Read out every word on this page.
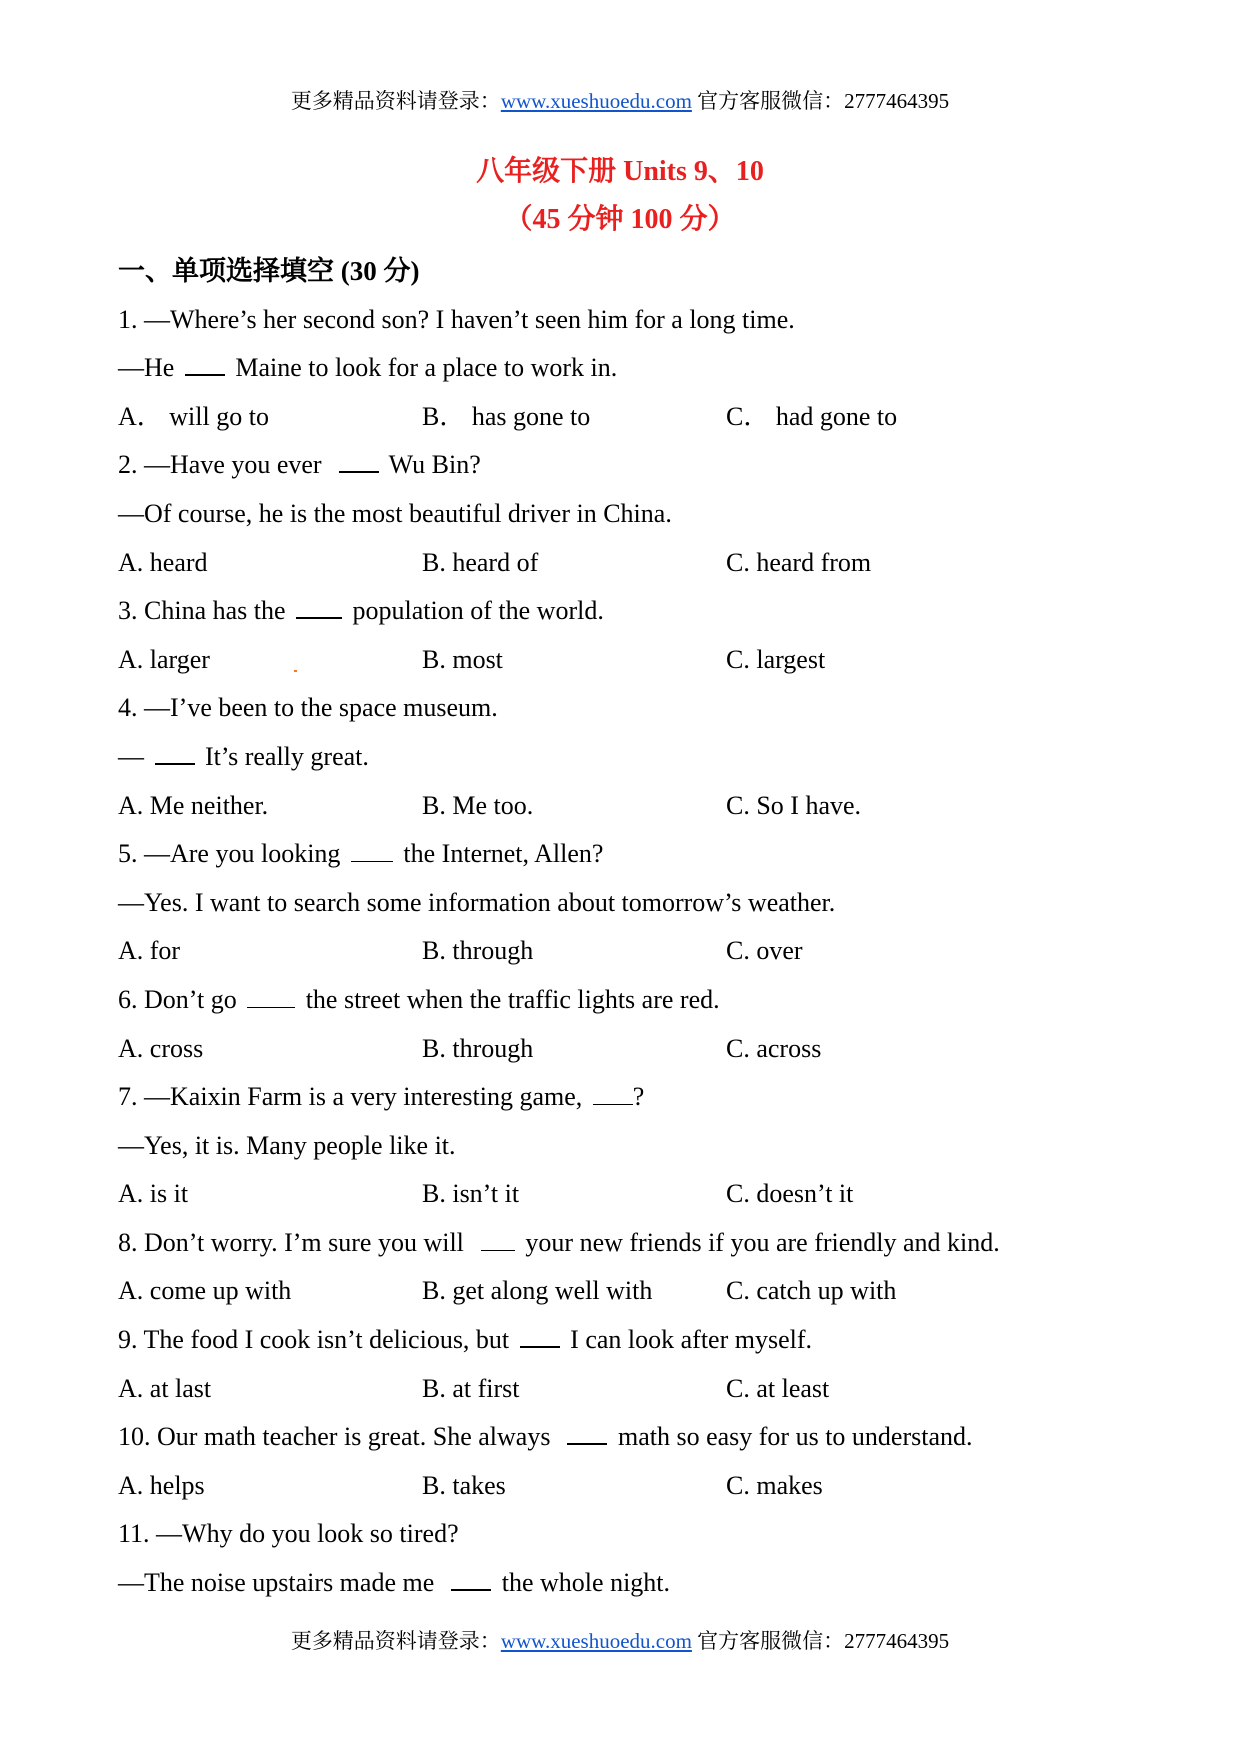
更多精品资料请登录：www.xueshuoedu.com 官方客服微信：2777464395
八年级下册 Units 9、10
（45 分钟 100 分）
一、单项选择填空 (30 分)
1. —Where’s her second son? I haven’t seen him for a long time.
—He Maine to look for a place to work in.
A． will go to	B． has gone to	C． had gone to
2. —Have you ever	Wu Bin?
—Of course, he is the most beautiful driver in China.
A. heard	B. heard of	C. heard from
3. China has the	population of the world.
A. larger	B. most	C. largest
4. —I’ve been to the space museum.
— It’s really great.
A. Me neither.	B. Me too.	C. So I have.
5. —Are you looking the Internet, Allen?
—Yes. I want to search some information about tomorrow’s weather.
A. for	B. through	C. over
6. Don’t go	the street when the traffic lights are red.
A. cross	B. through	C. across
7. —Kaixin Farm is a very interesting game, ?
—Yes, it is. Many people like it.
A. is it	B. isn’t it	C. doesn’t it
8. Don’t worry. I’m sure you will your new friends if you are friendly and kind.
A. come up with	B. get along well with	C. catch up with
9. The food I cook isn’t delicious, but I can look after myself.
A. at last	B. at first	C. at least
10. Our math teacher is great. She always	math so easy for us to understand.
A. helps	B. takes	C. makes
11. —Why do you look so tired?
—The noise upstairs made me	the whole night.
更多精品资料请登录：www.xueshuoedu.com 官方客服微信：2777464395
